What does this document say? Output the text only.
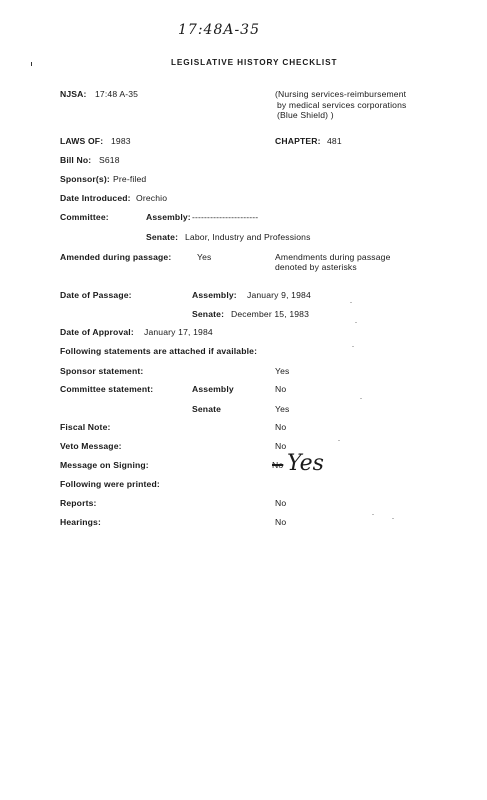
17:48A-35
LEGISLATIVE HISTORY CHECKLIST
NJSA: 17:48 A-35	(Nursing services-reimbursement
by medical services corporations
(Blue Shield) )
LAWS OF: 1983	CHAPTER: 481
Bill No: S618
Sponsor(s): Pre-filed
Date Introduced: Orechio
Committee:	Assembly: ----------------------
Senate: Labor, Industry and Professions
Amended during passage:	Yes	Amendments during passage
denoted by asterisks
Date of Passage:	Assembly: January 9, 1984
Senate: December 15, 1983
Date of Approval: January 17, 1984
Following statements are attached if available:
Sponsor statement:	Yes
Committee statement:	Assembly	No
Senate	Yes
Fiscal Note:	No
Veto Message:	No
Message on Signing:	No Yes
Following were printed:
Reports:	No
Hearings:	No
